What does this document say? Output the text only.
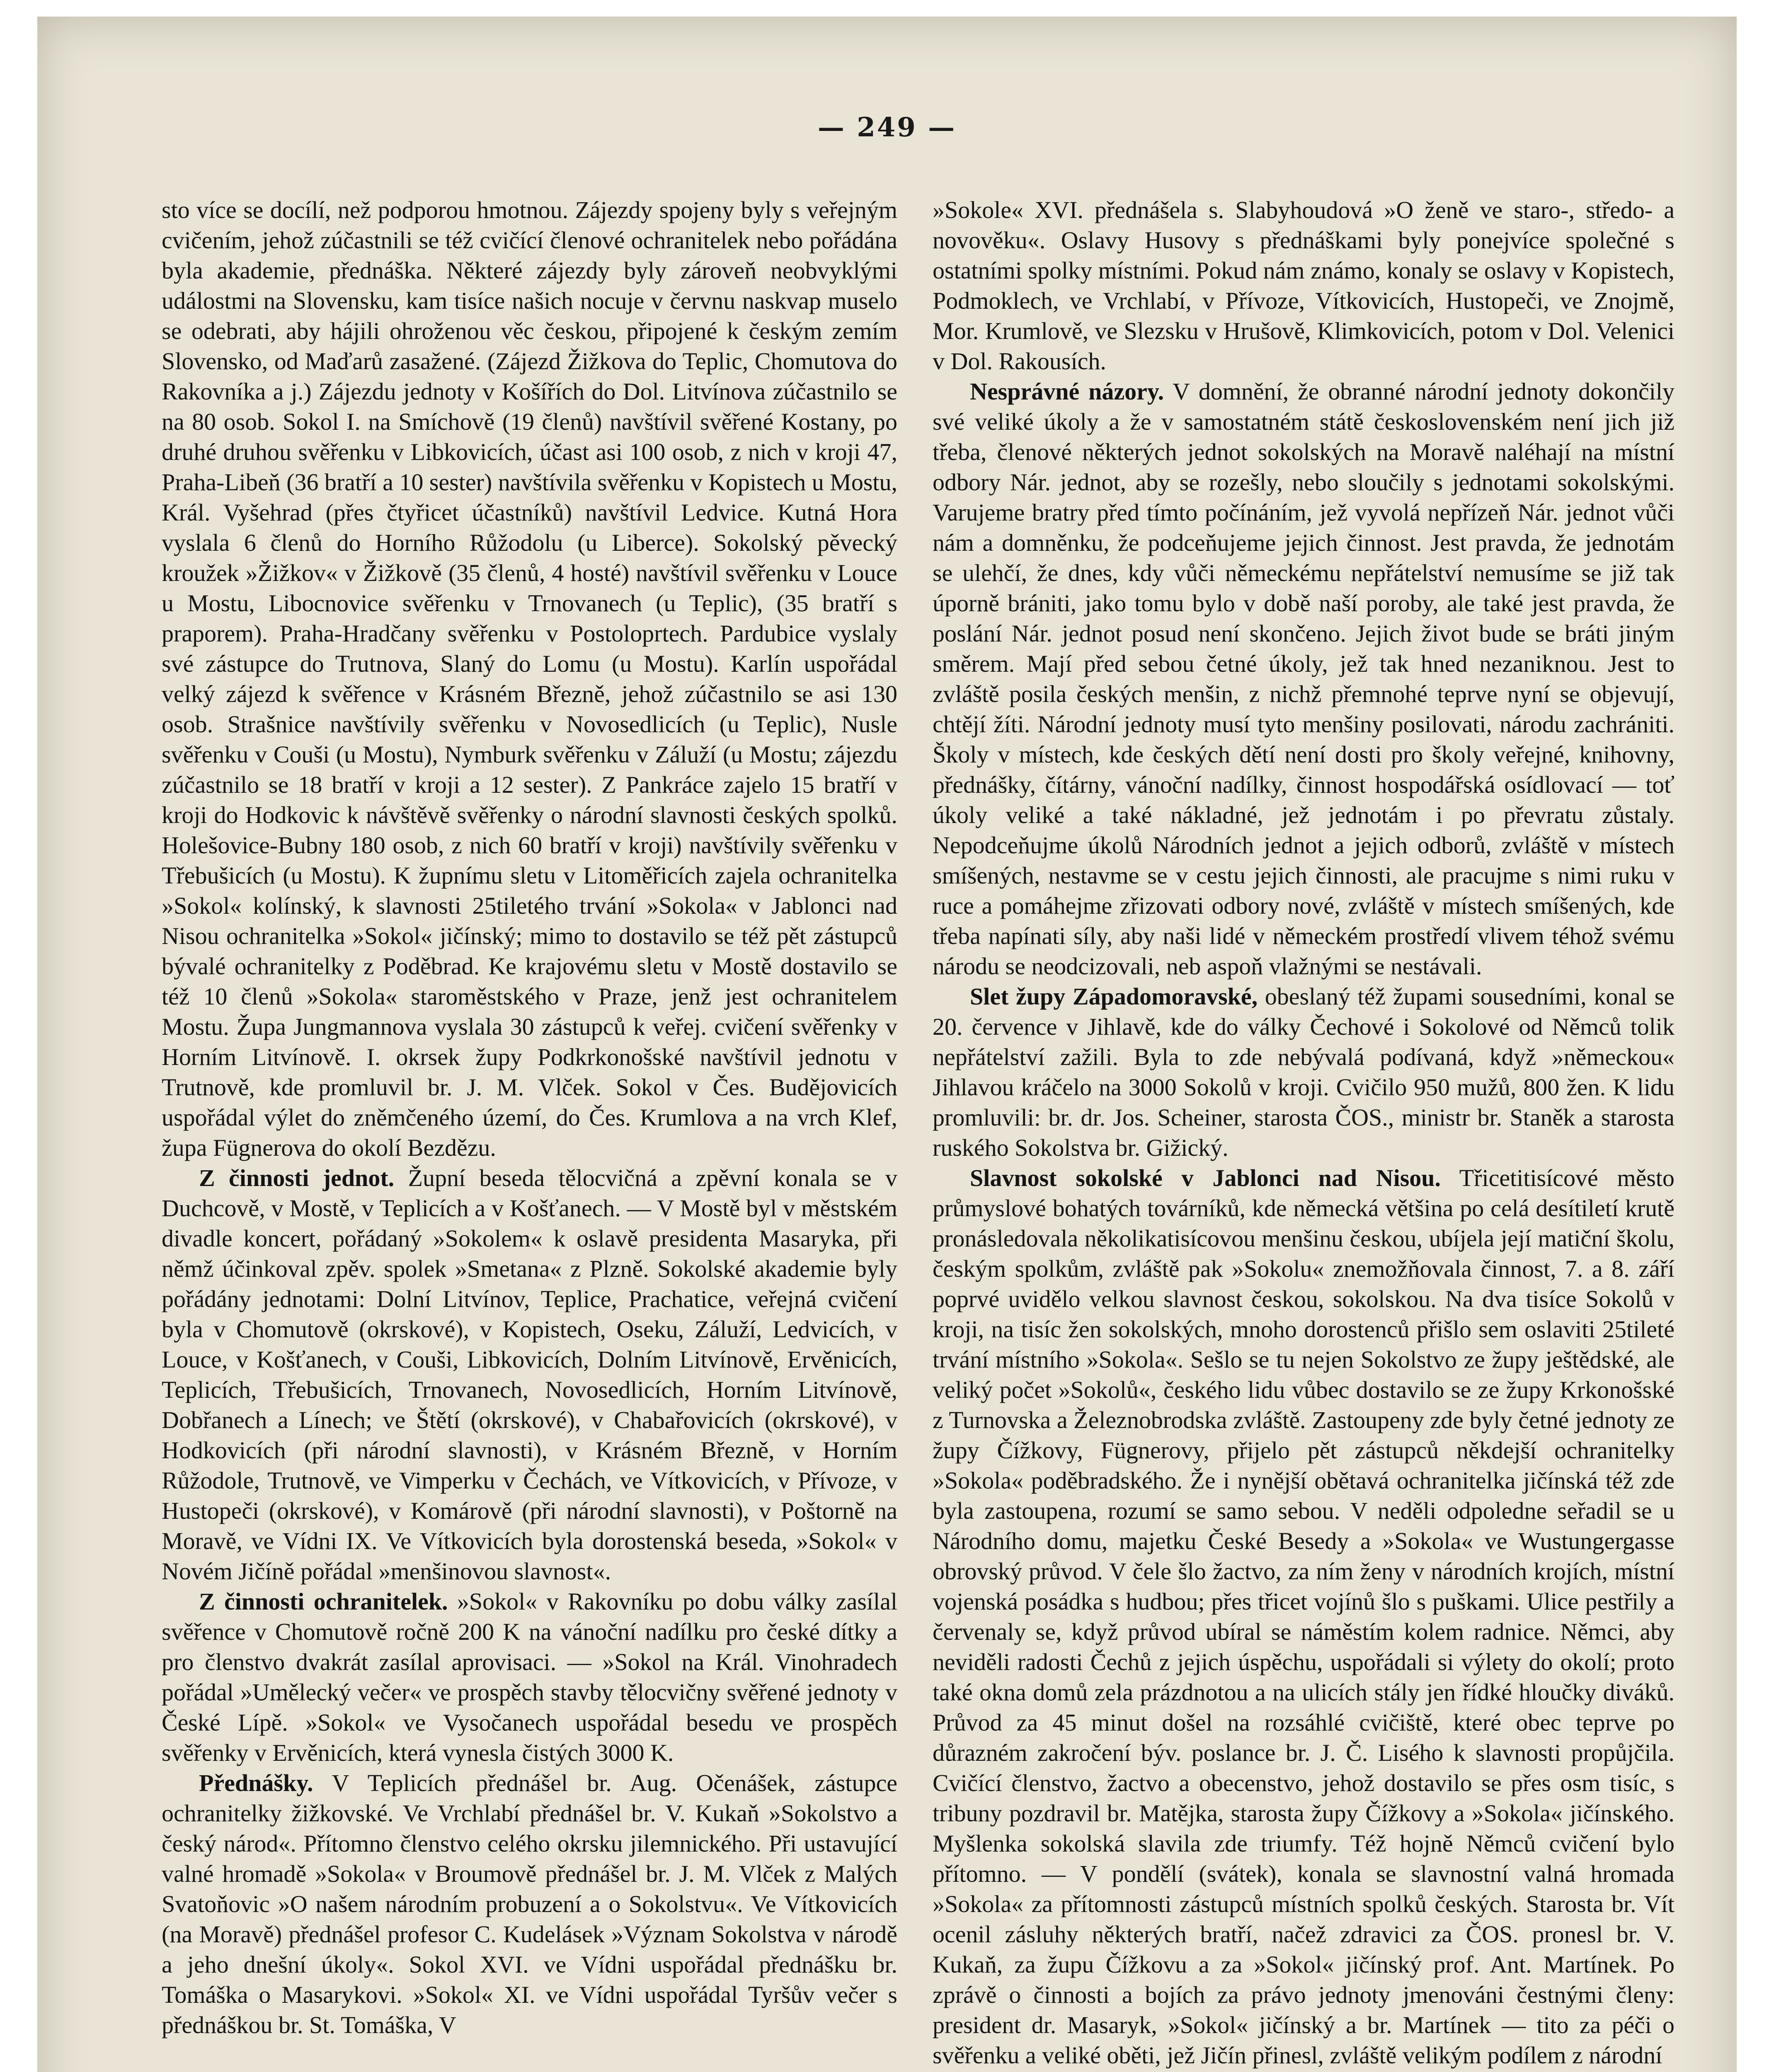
— 249 —

sto více se docílí, než podporou hmotnou. Zájezdy spojeny byly s veřejným cvičením, jehož zúčastnili se též cvičící členové ochranitelek nebo pořádána byla akademie, přednáška. Některé zájezdy byly zároveň neobvyklými událostmi na Slovensku, kam tisíce našich nocuje v červnu naskvap muselo se odebrati, aby hájili ohroženou věc českou, připojené k českým zemím Slovensko, od Maďarů zasažené. (Zájezd Žižkova do Teplic, Chomutova do Rakovníka a j.) Zájezdu jednoty v Košířích do Dol. Litvínova zúčastnilo se na 80 osob. Sokol I. na Smíchově (19 členů) navštívil svěřené Kostany, po druhé druhou svěřenku v Libkovicích, účast asi 100 osob, z nich v kroji 47, Praha-Libeň (36 bratří a 10 sester) navštívila svěřenku v Kopistech u Mostu, Král. Vyšehrad (přes čtyřicet účastníků) navštívil Ledvice. Kutná Hora vyslala 6 členů do Horního Růžodolu (u Liberce). Sokolský pěvecký kroužek »Žižkov« v Žižkově (35 členů, 4 hosté) navštívil svěřenku v Louce u Mostu, Libocnovice svěřenku v Trnovanech (u Teplic), (35 bratří s praporem). Praha-Hradčany svěřenku v Postoloprtech. Pardubice vyslaly své zástupce do Trutnova, Slaný do Lomu (u Mostu). Karlín uspořádal velký zájezd k svěřence v Krásném Březně, jehož zúčastnilo se asi 130 osob. Strašnice navštívily svěřenku v Novosedlicích (u Teplic), Nusle svěřenku v Couši (u Mostu), Nymburk svěřenku v Záluží (u Mostu; zájezdu zúčastnilo se 18 bratří v kroji a 12 sester). Z Pankráce zajelo 15 bratří v kroji do Hodkovic k návštěvě svěřenky o národní slavnosti českých spolků. Holešovice-Bubny 180 osob, z nich 60 bratří v kroji) navštívily svěřenku v Třebušicích (u Mostu). K župnímu sletu v Litoměřicích zajela ochranitelka »Sokol« kolínský, k slavnosti 25tiletého trvání »Sokola« v Jablonci nad Nisou ochranitelka »Sokol« jičínský; mimo to dostavilo se též pět zástupců bývalé ochranitelky z Poděbrad. Ke krajovému sletu v Mostě dostavilo se též 10 členů »Sokola« staroměstského v Praze, jenž jest ochranitelem Mostu. Župa Jungmannova vyslala 30 zástupců k veřej. cvičení svěřenky v Horním Litvínově. I. okrsek župy Podkrkonošské navštívil jednotu v Trutnově, kde promluvil br. J. M. Vlček. Sokol v Čes. Budějovicích uspořádal výlet do zněmčeného území, do Čes. Krumlova a na vrch Klef, župa Fügnerova do okolí Bezdězu.

Z činnosti jednot. Župní beseda tělocvičná a zpěvní konala se v Duchcově, v Mostě, v Teplicích a v Košťanech. — V Mostě byl v městském divadle koncert, pořádaný »Sokolem« k oslavě presidenta Masaryka, při němž účinkoval zpěv. spolek »Smetana« z Plzně. Sokolské akademie byly pořádány jednotami: Dolní Litvínov, Teplice, Prachatice, veřejná cvičení byla v Chomutově (okrskové), v Kopistech, Oseku, Záluží, Ledvicích, v Louce, v Košťanech, v Couši, Libkovicích, Dolním Litvínově, Ervěnicích, Teplicích, Třebušicích, Trnovanech, Novosedlicích, Horním Litvínově, Dobřanech a Línech; ve Štětí (okrskové), v Chabařovicích (okrskové), v Hodkovicích (při národní slavnosti), v Krásném Březně, v Horním Růžodole, Trutnově, ve Vimperku v Čechách, ve Vítkovicích, v Přívoze, v Hustopeči (okrskové), v Komárově (při národní slavnosti), v Poštorně na Moravě, ve Vídni IX. Ve Vítkovicích byla dorostenská beseda, »Sokol« v Novém Jičíně pořádal »menšinovou slavnost«.

Z činnosti ochranitelek. »Sokol« v Rakovníku po dobu války zasílal svěřence v Chomutově ročně 200 K na vánoční nadílku pro české dítky a pro členstvo dvakrát zasílal aprovisaci. — »Sokol na Král. Vinohradech pořádal »Umělecký večer« ve prospěch stavby tělocvičny svěřené jednoty v České Lípě. »Sokol« ve Vysočanech uspořádal besedu ve prospěch svěřenky v Ervěnicích, která vynesla čistých 3000 K.

Přednášky. V Teplicích přednášel br. Aug. Očenášek, zástupce ochranitelky žižkovské. Ve Vrchlabí přednášel br. V. Kukaň »Sokolstvo a český národ«. Přítomno členstvo celého okrsku jilemnického. Při ustavující valné hromadě »Sokola« v Broumově přednášel br. J. M. Vlček z Malých Svatoňovic »O našem národním probuzení a o Sokolstvu«. Ve Vítkovicích (na Moravě) přednášel profesor C. Kudelásek »Význam Sokolstva v národě a jeho dnešní úkoly«. Sokol XVI. ve Vídni uspořádal přednášku br. Tomáška o Masarykovi. »Sokol« XI. ve Vídni uspořádal Tyršův večer s přednáškou br. St. Tomáška, V

»Sokole« XVI. přednášela s. Slabyhoudová »O ženě ve staro-, středo- a novověku«. Oslavy Husovy s přednáškami byly ponejvíce společné s ostatními spolky místními. Pokud nám známo, konaly se oslavy v Kopistech, Podmoklech, ve Vrchlabí, v Přívoze, Vítkovicích, Hustopeči, ve Znojmě, Mor. Krumlově, ve Slezsku v Hrušově, Klimkovicích, potom v Dol. Velenici v Dol. Rakousích.

Nesprávné názory. V domnění, že obranné národní jednoty dokončily své veliké úkoly a že v samostatném státě československém není jich již třeba, členové některých jednot sokolských na Moravě naléhají na místní odbory Nár. jednot, aby se rozešly, nebo sloučily s jednotami sokolskými. Varujeme bratry před tímto počínáním, jež vyvolá nepřízeň Nár. jednot vůči nám a domněnku, že podceňujeme jejich činnost. Jest pravda, že jednotám se ulehčí, že dnes, kdy vůči německému nepřátelství nemusíme se již tak úporně brániti, jako tomu bylo v době naší poroby, ale také jest pravda, že poslání Nár. jednot posud není skončeno. Jejich život bude se bráti jiným směrem. Mají před sebou četné úkoly, jež tak hned nezaniknou. Jest to zvláště posila českých menšin, z nichž přemnohé teprve nyní se objevují, chtějí žíti. Národní jednoty musí tyto menšiny posilovati, národu zachrániti. Školy v místech, kde českých dětí není dosti pro školy veřejné, knihovny, přednášky, čítárny, vánoční nadílky, činnost hospodářská osídlovací — toť úkoly veliké a také nákladné, jež jednotám i po převratu zůstaly. Nepodceňujme úkolů Národních jednot a jejich odborů, zvláště v místech smíšených, nestavme se v cestu jejich činnosti, ale pracujme s nimi ruku v ruce a pomáhejme zřizovati odbory nové, zvláště v místech smíšených, kde třeba napínati síly, aby naši lidé v německém prostředí vlivem téhož svému národu se neodcizovali, neb aspoň vlažnými se nestávali.

Slet župy Západomoravské, obeslaný též župami sousedními, konal se 20. července v Jihlavě, kde do války Čechové i Sokolové od Němců tolik nepřátelství zažili. Byla to zde nebývalá podívaná, když »německou« Jihlavou kráčelo na 3000 Sokolů v kroji. Cvičilo 950 mužů, 800 žen. K lidu promluvili: br. dr. Jos. Scheiner, starosta ČOS., ministr br. Staněk a starosta ruského Sokolstva br. Gižický.

Slavnost sokolské v Jablonci nad Nisou. Třicetitisícové město průmyslové bohatých továrníků, kde německá většina po celá desítiletí krutě pronásledovala několikatisícovou menšinu českou, ubíjela její matiční školu, českým spolkům, zvláště pak »Sokolu« znemožňovala činnost, 7. a 8. září poprvé uvidělo velkou slavnost českou, sokolskou. Na dva tisíce Sokolů v kroji, na tisíc žen sokolských, mnoho dorostenců přišlo sem oslaviti 25tileté trvání místního »Sokola«. Sešlo se tu nejen Sokolstvo ze župy ještědské, ale veliký počet »Sokolů«, českého lidu vůbec dostavilo se ze župy Krkonošské z Turnovska a Železnobrodska zvláště. Zastoupeny zde byly četné jednoty ze župy Čížkovy, Fügnerovy, přijelo pět zástupců někdejší ochranitelky »Sokola« poděbradského. Že i nynější obětavá ochranitelka jičínská též zde byla zastoupena, rozumí se samo sebou. V neděli odpoledne seřadil se u Národního domu, majetku České Besedy a »Sokola« ve Wustungergasse obrovský průvod. V čele šlo žactvo, za ním ženy v národních krojích, místní vojenská posádka s hudbou; přes třicet vojínů šlo s puškami. Ulice pestřily a červenaly se, když průvod ubíral se náměstím kolem radnice. Němci, aby neviděli radosti Čechů z jejich úspěchu, uspořádali si výlety do okolí; proto také okna domů zela prázdnotou a na ulicích stály jen řídké hloučky diváků. Průvod za 45 minut došel na rozsáhlé cvičiště, které obec teprve po důrazném zakročení býv. poslance br. J. Č. Lisého k slavnosti propůjčila. Cvičící členstvo, žactvo a obecenstvo, jehož dostavilo se přes osm tisíc, s tribuny pozdravil br. Matějka, starosta župy Čížkovy a »Sokola« jičínského. Myšlenka sokolská slavila zde triumfy. Též hojně Němců cvičení bylo přítomno. — V pondělí (svátek), konala se slavnostní valná hromada »Sokola« za přítomnosti zástupců místních spolků českých. Starosta br. Vít ocenil zásluhy některých bratří, načež zdravici za ČOS. pronesl br. V. Kukaň, za župu Čížkovu a za »Sokol« jičínský prof. Ant. Martínek. Po zprávě o činnosti a bojích za právo jednoty jmenováni čestnými členy: president dr. Masaryk, »Sokol« jičínský a br. Martínek — tito za péči o svěřenku a veliké oběti, jež Jičín přinesl, zvláště velikým podílem z národní
